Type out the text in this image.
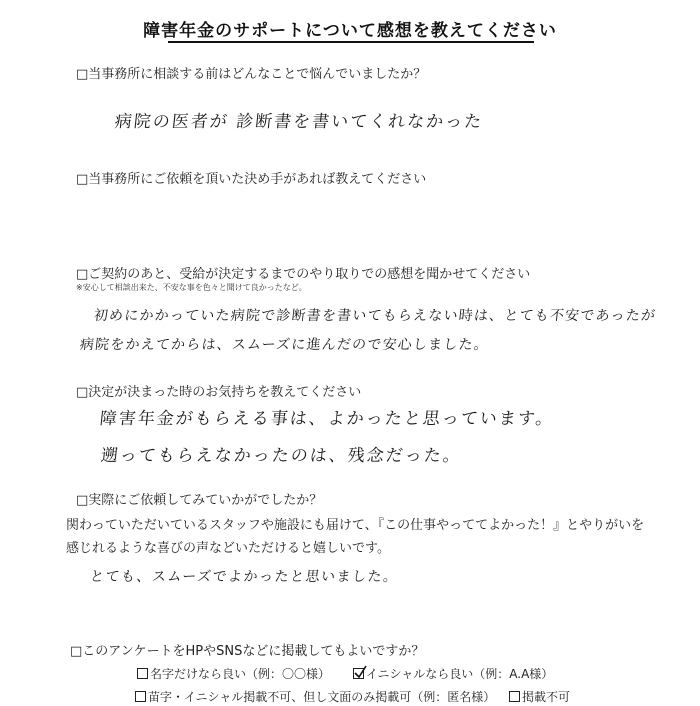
障害年金のサポートについて感想を教えてください
□当事務所に相談する前はどんなことで悩んでいましたか？
病院の医者が 診断書を書いてくれなかった
□当事務所にご依頼を頂いた決め手があれば教えてください
□ご契約のあと、受給が決定するまでのやり取りでの感想を聞かせてください
※安心して相談出来た、不安な事を色々と聞けて良かったなど。
初めにかかっていた病院で診断書を書いてもらえない時は、とても不安であったが
病院をかえてからは、スムーズに進んだので安心しました。
□決定が決まった時のお気持ちを教えてください
障害年金がもらえる事は、よかったと思っています。
遡ってもらえなかったのは、残念だった。
□実際にご依頼してみていかがでしたか？
関わっていただいているスタッフや施設にも届けて、『この仕事やっててよかった！』とやりがいを
感じれるような喜びの声などいただけると嬉しいです。
とても、スムーズでよかったと思いました。
□このアンケートをHPやSNSなどに掲載してもよいですか？
名字だけなら良い（例：〇〇様）	イニシャルなら良い（例：A.A様）
苗字・イニシャル掲載不可、但し文面のみ掲載可（例：匿名様）	掲載不可
